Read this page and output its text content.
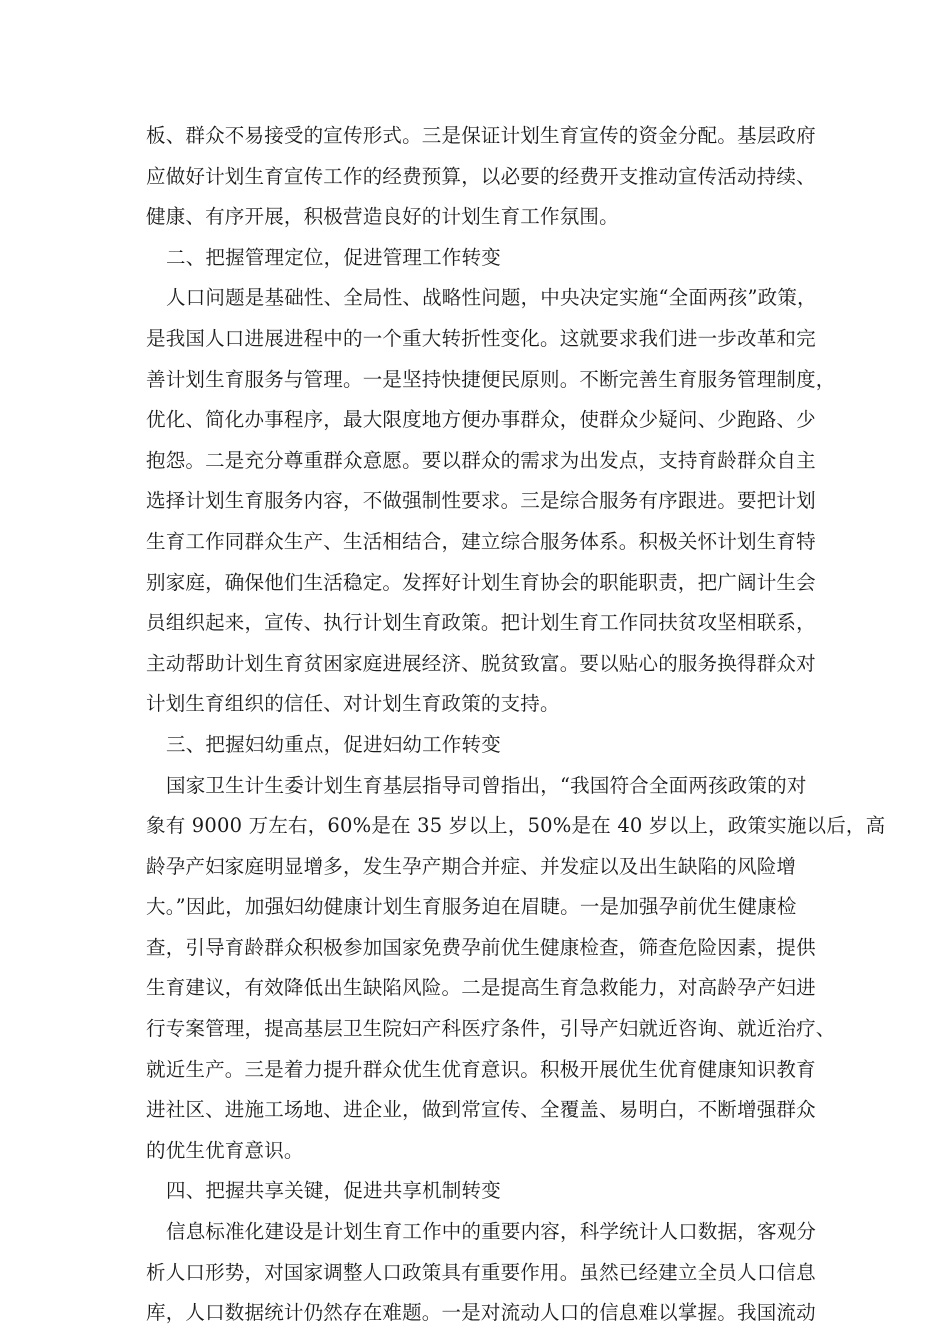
板、群众不易接受的宣传形式。三是保证计划生育宣传的资金分配。基层政府
应做好计划生育宣传工作的经费预算，以必要的经费开支推动宣传活动持续、
健康、有序开展，积极营造良好的计划生育工作氛围。
二、把握管理定位，促进管理工作转变
人口问题是基础性、全局性、战略性问题，中央决定实施“全面两孩”政策，
是我国人口进展进程中的一个重大转折性变化。这就要求我们进一步改革和完
善计划生育服务与管理。一是坚持快捷便民原则。不断完善生育服务管理制度，
优化、简化办事程序，最大限度地方便办事群众，使群众少疑问、少跑路、少
抱怨。二是充分尊重群众意愿。要以群众的需求为出发点，支持育龄群众自主
选择计划生育服务内容，不做强制性要求。三是综合服务有序跟进。要把计划
生育工作同群众生产、生活相结合，建立综合服务体系。积极关怀计划生育特
别家庭，确保他们生活稳定。发挥好计划生育协会的职能职责，把广阔计生会
员组织起来，宣传、执行计划生育政策。把计划生育工作同扶贫攻坚相联系，
主动帮助计划生育贫困家庭进展经济、脱贫致富。要以贴心的服务换得群众对
计划生育组织的信任、对计划生育政策的支持。
三、把握妇幼重点，促进妇幼工作转变
国家卫生计生委计划生育基层指导司曾指出，“我国符合全面两孩政策的对
象有 9000 万左右，60%是在 35 岁以上，50%是在 40 岁以上，政策实施以后，高
龄孕产妇家庭明显增多，发生孕产期合并症、并发症以及出生缺陷的风险增
大。”因此，加强妇幼健康计划生育服务迫在眉睫。一是加强孕前优生健康检
查，引导育龄群众积极参加国家免费孕前优生健康检查，筛查危险因素，提供
生育建议，有效降低出生缺陷风险。二是提高生育急救能力，对高龄孕产妇进
行专案管理，提高基层卫生院妇产科医疗条件，引导产妇就近咨询、就近治疗、
就近生产。三是着力提升群众优生优育意识。积极开展优生优育健康知识教育
进社区、进施工场地、进企业，做到常宣传、全覆盖、易明白，不断增强群众
的优生优育意识。
四、把握共享关键，促进共享机制转变
信息标准化建设是计划生育工作中的重要内容，科学统计人口数据，客观分
析人口形势，对国家调整人口政策具有重要作用。虽然已经建立全员人口信息
库，人口数据统计仍然存在难题。一是对流动人口的信息难以掌握。我国流动
